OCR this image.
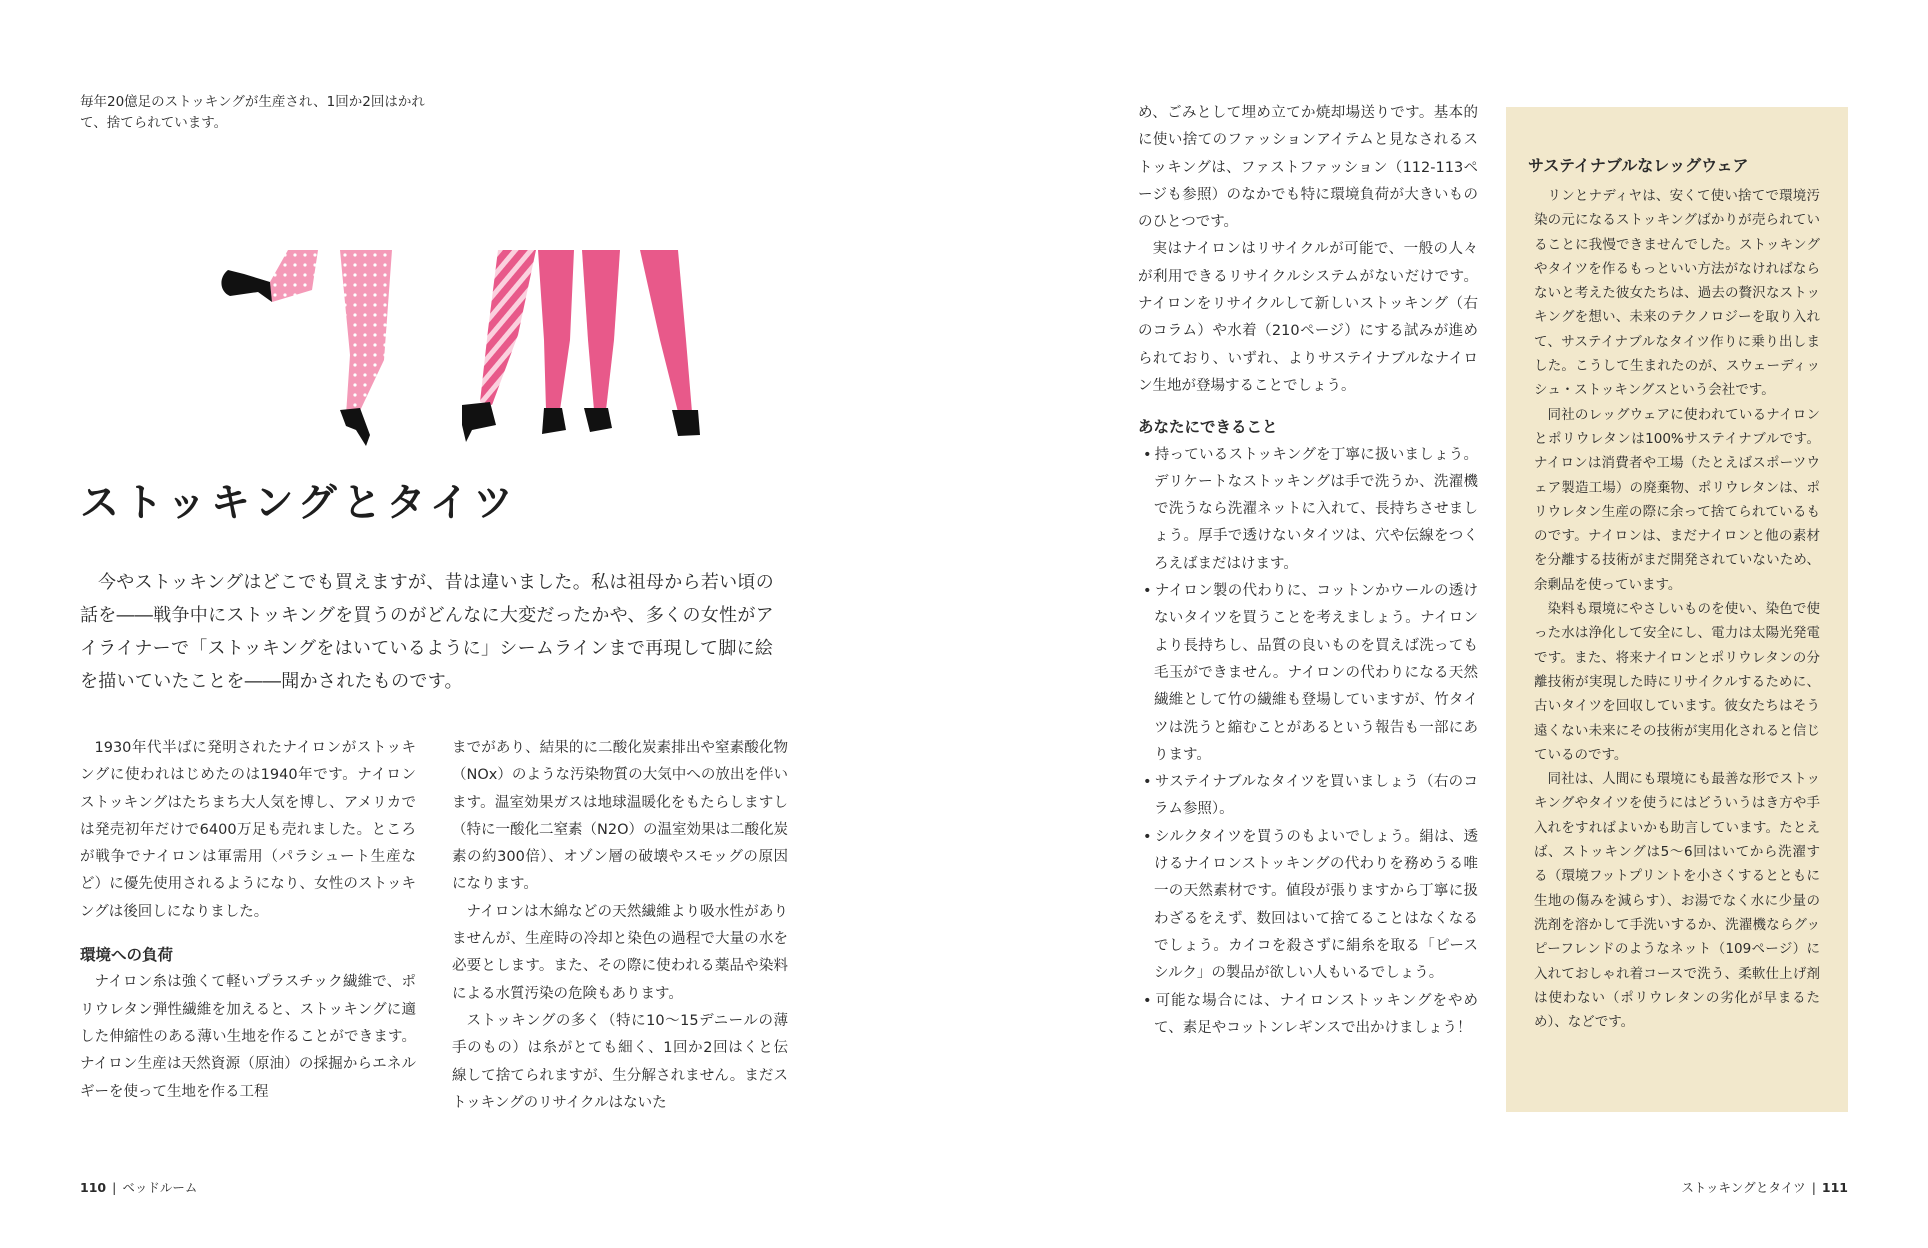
毎年20億足のストッキングが生産され、1回か2回はかれて、捨てられています。
ストッキングとタイツ
今やストッキングはどこでも買えますが、昔は違いました。私は祖母から若い頃の話を――戦争中にストッキングを買うのがどんなに大変だったかや、多くの女性がアイライナーで「ストッキングをはいているように」シームラインまで再現して脚に絵を描いていたことを――聞かされたものです。

1930年代半ばに発明されたナイロンがストッキングに使われはじめたのは1940年です。ナイロンストッキングはたちまち大人気を博し、アメリカでは発売初年だけで6400万足も売れました。ところが戦争でナイロンは軍需用（パラシュート生産など）に優先使用されるようになり、女性のストッキングは後回しになりました。

環境への負荷

ナイロン糸は強くて軽いプラスチック繊維で、ポリウレタン弾性繊維を加えると、ストッキングに適した伸縮性のある薄い生地を作ることができます。ナイロン生産は天然資源（原油）の採掘からエネルギーを使って生地を作る工程

までがあり、結果的に二酸化炭素排出や窒素酸化物（NOx）のような汚染物質の大気中への放出を伴います。温室効果ガスは地球温暖化をもたらしますし（特に一酸化二窒素（N2O）の温室効果は二酸化炭素の約300倍）、オゾン層の破壊やスモッグの原因になります。

ナイロンは木綿などの天然繊維より吸水性がありませんが、生産時の冷却と染色の過程で大量の水を必要とします。また、その際に使われる薬品や染料による水質汚染の危険もあります。

ストッキングの多く（特に10～15デニールの薄手のもの）は糸がとても細く、1回か2回はくと伝線して捨てられますが、生分解されません。まだストッキングのリサイクルはないた

110 | ベッドルーム

め、ごみとして埋め立てか焼却場送りです。基本的に使い捨てのファッションアイテムと見なされるストッキングは、ファストファッション（112-113ページも参照）のなかでも特に環境負荷が大きいもののひとつです。

実はナイロンはリサイクルが可能で、一般の人々が利用できるリサイクルシステムがないだけです。ナイロンをリサイクルして新しいストッキング（右のコラム）や水着（210ページ）にする試みが進められており、いずれ、よりサステイナブルなナイロン生地が登場することでしょう。

あなたにできること

• 持っているストッキングを丁寧に扱いましょう。デリケートなストッキングは手で洗うか、洗濯機で洗うなら洗濯ネットに入れて、長持ちさせましょう。厚手で透けないタイツは、穴や伝線をつくろえばまだはけます。
• ナイロン製の代わりに、コットンかウールの透けないタイツを買うことを考えましょう。ナイロンより長持ちし、品質の良いものを買えば洗っても毛玉ができません。ナイロンの代わりになる天然繊維として竹の繊維も登場していますが、竹タイツは洗うと縮むことがあるという報告も一部にあります。
• サステイナブルなタイツを買いましょう（右のコラム参照）。
• シルクタイツを買うのもよいでしょう。絹は、透けるナイロンストッキングの代わりを務めうる唯一の天然素材です。値段が張りますから丁寧に扱わざるをえず、数回はいて捨てることはなくなるでしょう。カイコを殺さずに絹糸を取る「ピースシルク」の製品が欲しい人もいるでしょう。
• 可能な場合には、ナイロンストッキングをやめて、素足やコットンレギンスで出かけましょう！
サステイナブルなレッグウェア

リンとナディヤは、安くて使い捨てで環境汚染の元になるストッキングばかりが売られていることに我慢できませんでした。ストッキングやタイツを作るもっといい方法がなければならないと考えた彼女たちは、過去の贅沢なストッキングを想い、未来のテクノロジーを取り入れて、サステイナブルなタイツ作りに乗り出しました。こうして生まれたのが、スウェーディッシュ・ストッキングスという会社です。

同社のレッグウェアに使われているナイロンとポリウレタンは100%サステイナブルです。ナイロンは消費者や工場（たとえばスポーツウェア製造工場）の廃棄物、ポリウレタンは、ポリウレタン生産の際に余って捨てられているものです。ナイロンは、まだナイロンと他の素材を分離する技術がまだ開発されていないため、余剰品を使っています。

染料も環境にやさしいものを使い、染色で使った水は浄化して安全にし、電力は太陽光発電です。また、将来ナイロンとポリウレタンの分離技術が実現した時にリサイクルするために、古いタイツを回収しています。彼女たちはそう遠くない未来にその技術が実用化されると信じているのです。

同社は、人間にも環境にも最善な形でストッキングやタイツを使うにはどういうはき方や手入れをすればよいかも助言しています。たとえば、ストッキングは5～6回はいてから洗濯する（環境フットプリントを小さくするとともに生地の傷みを減らす）、お湯でなく水に少量の洗剤を溶かして手洗いするか、洗濯機ならグッピーフレンドのようなネット（109ページ）に入れておしゃれ着コースで洗う、柔軟仕上げ剤は使わない（ポリウレタンの劣化が早まるため）、などです。

ストッキングとタイツ | 111
